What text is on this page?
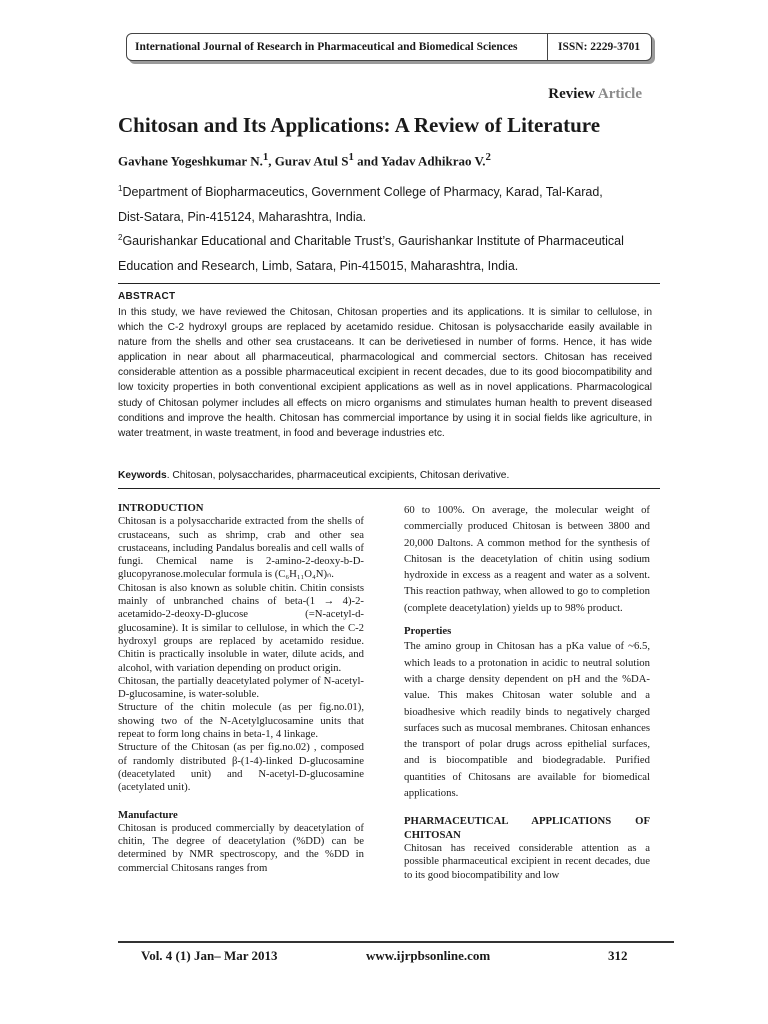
International Journal of Research in Pharmaceutical and Biomedical Sciences	ISSN: 2229-3701
Review Article
Chitosan and Its Applications: A Review of Literature
Gavhane Yogeshkumar N.$^1$, Gurav Atul $S^1$ and Yadav Adhikrao V.$^2$
$^1$Department of Biopharmaceutics, Government College of Pharmacy, Karad, Tal-Karad,
Dist-Satara, Pin-415124, Maharashtra, India.
$^2$Gaurishankar Educational and Charitable Trust’s, Gaurishankar Institute of Pharmaceutical
Education and Research, Limb, Satara, Pin-415015, Maharashtra, India.
ABSTRACT
In this study, we have reviewed the Chitosan, Chitosan properties and its applications. It is similar to cellulose, in which the C-2 hydroxyl groups are replaced by acetamido residue. Chitosan is polysaccharide easily available in nature from the shells and other sea crustaceans. It can be derivetiesed in number of forms. Hence, it has wide application in near about all pharmaceutical, pharmacological and commercial sectors. Chitosan has received considerable attention as a possible pharmaceutical excipient in recent decades, due to its good biocompatibility and low toxicity properties in both conventional excipient applications as well as in novel applications. Pharmacological study of Chitosan polymer includes all effects on micro organisms and stimulates human health to prevent diseased conditions and improve the health. Chitosan has commercial importance by using it in social fields like agriculture, in water treatment, in waste treatment, in food and beverage industries etc.
Keywords. Chitosan, polysaccharides, pharmaceutical excipients, Chitosan derivative.

INTRODUCTION

Chitosan is a polysaccharide extracted from the shells of crustaceans, such as shrimp, crab and other sea crustaceans, including Pandalus borealis and cell walls of fungi. Chemical name is 2-amino-2-deoxy-b-D-glucopyranose.molecular formula is (C₆H₁₁O₄N)ₙ.

Chitosan is also known as soluble chitin. Chitin consists mainly of unbranched chains of beta-(1 → 4)-2-acetamido-2-deoxy-D-glucose (=N-acetyl-d-glucosamine). It is similar to cellulose, in which the C-2 hydroxyl groups are replaced by acetamido residue. Chitin is practically insoluble in water, dilute acids, and alcohol, with variation depending on product origin.

Chitosan, the partially deacetylated polymer of N-acetyl-D-glucosamine, is water-soluble.

Structure of the chitin molecule (as per fig.no.01), showing two of the N-Acetylglucosamine units that repeat to form long chains in beta-1, 4 linkage.

Structure of the Chitosan (as per fig.no.02) , composed of randomly distributed β-(1-4)-linked D-glucosamine (deacetylated unit) and N-acetyl-D-glucosamine (acetylated unit).

Manufacture

Chitosan is produced commercially by deacetylation of chitin, The degree of deacetylation (%DD) can be determined by NMR spectroscopy, and the %DD in commercial Chitosans ranges from

60 to 100%. On average, the molecular weight of commercially produced Chitosan is between 3800 and 20,000 Daltons. A common method for the synthesis of Chitosan is the deacetylation of chitin using sodium hydroxide in excess as a reagent and water as a solvent. This reaction pathway, when allowed to go to completion (complete deacetylation) yields up to 98% product.

Properties

The amino group in Chitosan has a pKa value of ~6.5, which leads to a protonation in acidic to neutral solution with a charge density dependent on pH and the %DA-value. This makes Chitosan water soluble and a bioadhesive which readily binds to negatively charged surfaces such as mucosal membranes. Chitosan enhances the transport of polar drugs across epithelial surfaces, and is biocompatible and biodegradable. Purified quantities of Chitosans are available for biomedical applications.

PHARMACEUTICAL APPLICATIONS OF CHITOSAN

Chitosan has received considerable attention as a possible pharmaceutical excipient in recent decades, due to its good biocompatibility and low

Vol. 4 (1) Jan– Mar 2013	www.ijrpbsonline.com	312
